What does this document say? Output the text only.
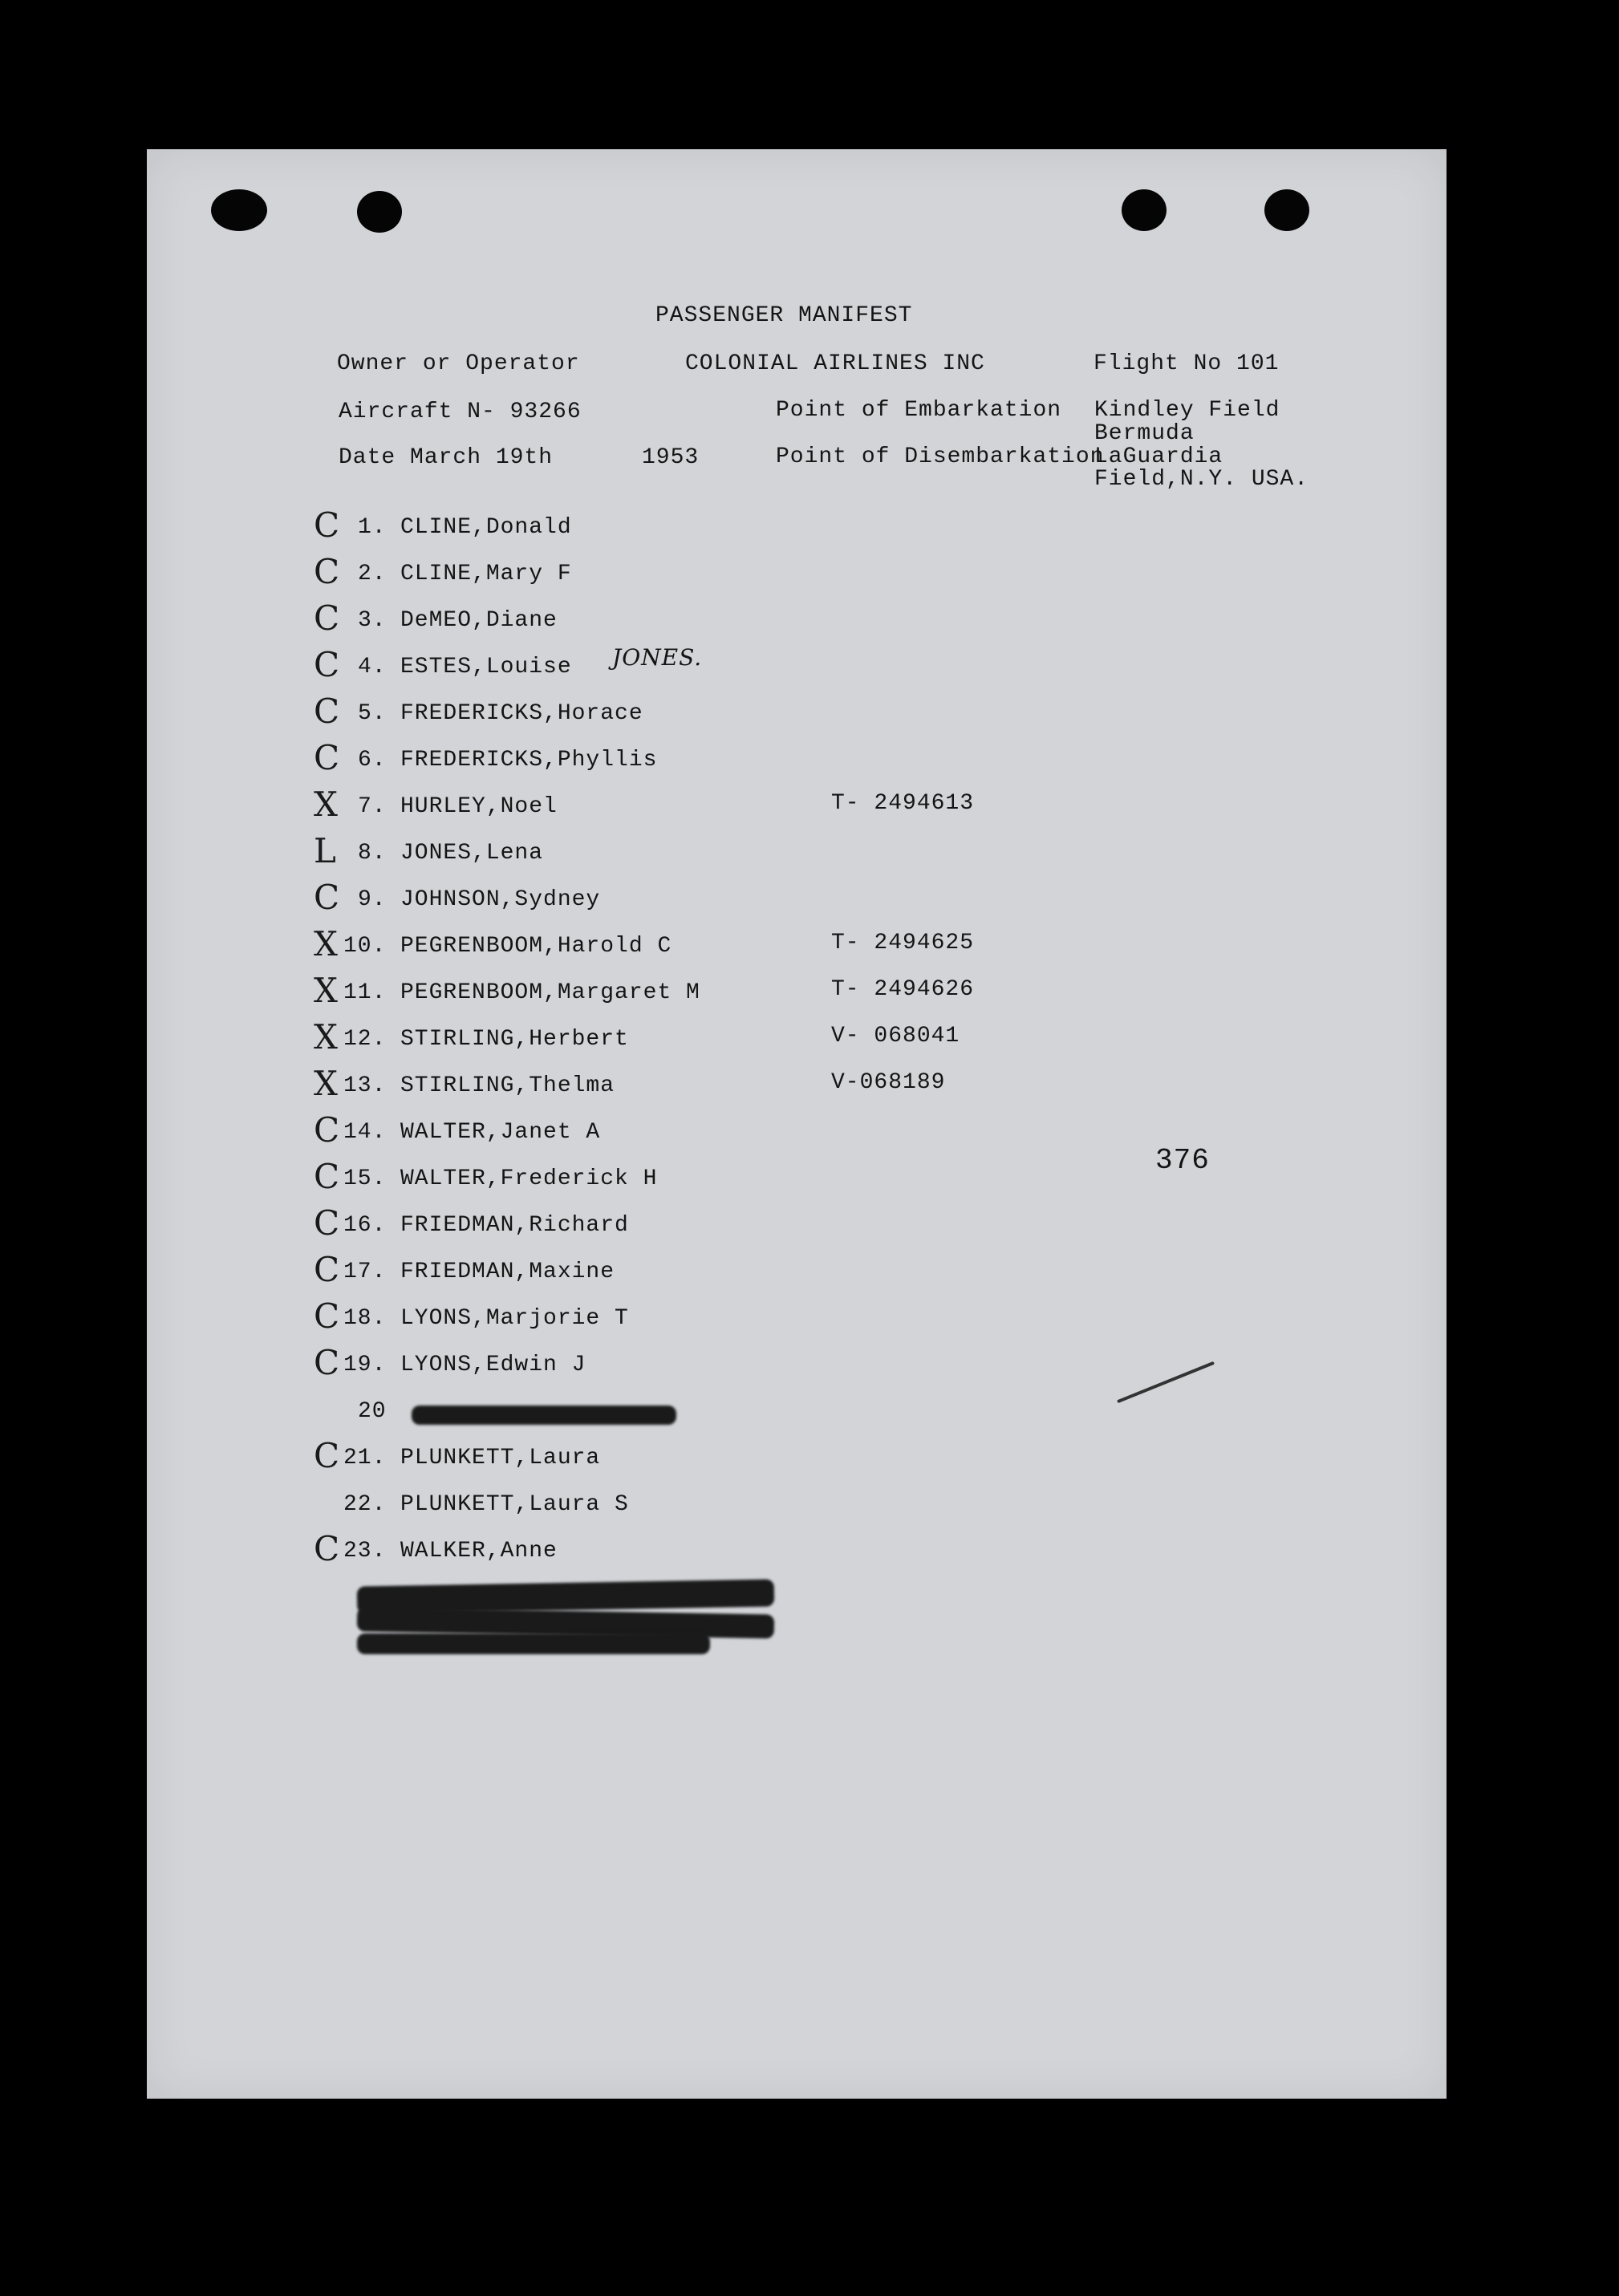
PASSENGER MANIFEST
Owner or Operator	COLONIAL AIRLINES INC	Flight No 101
Aircraft N- 93266	Point of Embarkation Kindley Field
Bermuda
Date March 19th	1953	Point of Disembarkation
LaGuardia
Field,N.Y. USA.
C 1. CLINE,Donald
C 2. CLINE,Mary F
C 3. DeMEO,Diane
C 4. ESTES,Louise
C 5. FREDERICKS,Horace
C 6. FREDERICKS,Phyllis
X 7. HURLEY,Noel	T- 2494613
L 8. JONES,Lena
C 9. JOHNSON,Sydney
X 10. PEGRENBOOM,Harold C	T- 2494625
X 11. PEGRENBOOM,Margaret M	T- 2494626
X 12. STIRLING,Herbert	V- 068041
X 13. STIRLING,Thelma	V-068189
C 14. WALTER,Janet A
C 15. WALTER,Frederick H
C 16. FRIEDMAN,Richard
C 17. FRIEDMAN,Maxine
C 18. LYONS,Marjorie T
C 19. LYONS,Edwin J
20
C 21. PLUNKETT,Laura
22. PLUNKETT,Laura S
C 23. WALKER,Anne
JONES.
376
